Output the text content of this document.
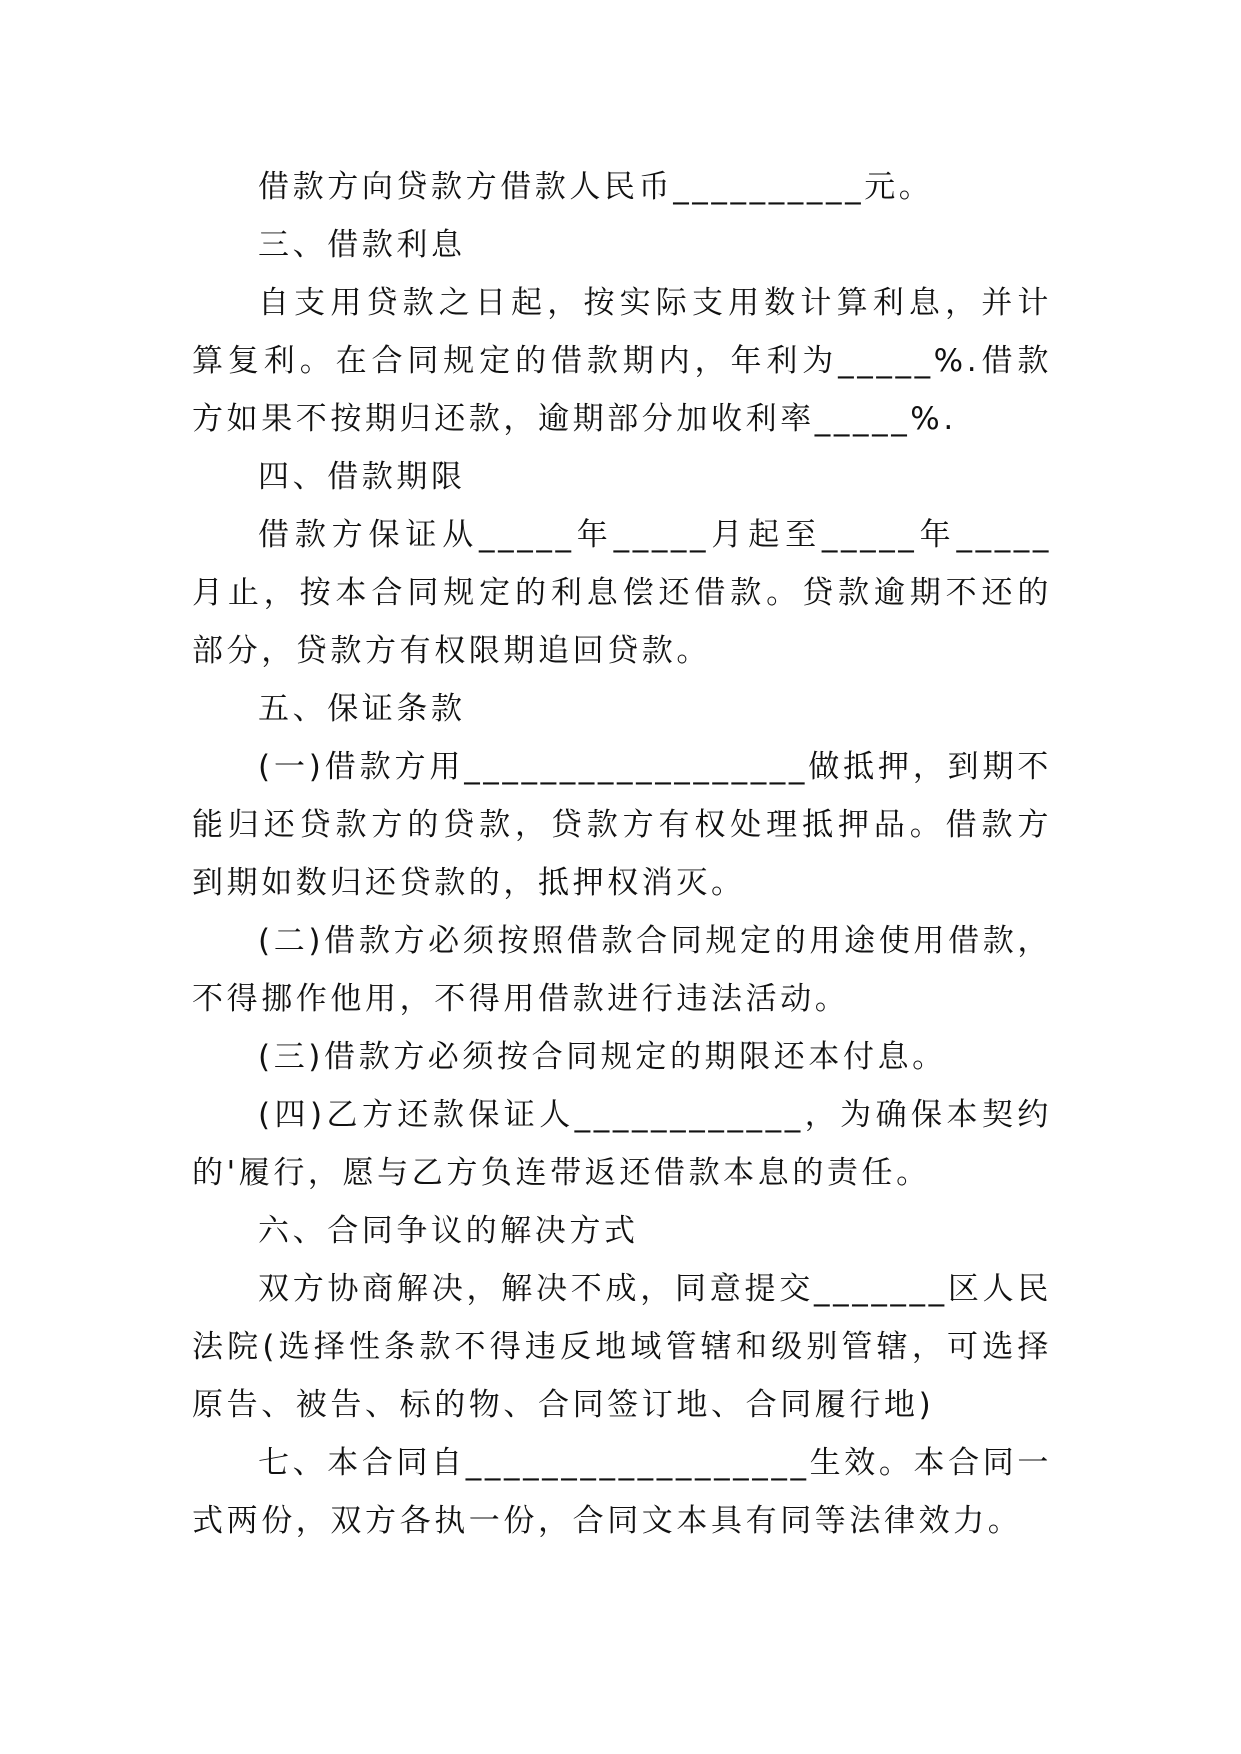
借款方向贷款方借款人民币__________元。

三、借款利息

自支用贷款之日起，按实际支用数计算利息，并计算复利。在合同规定的借款期内，年利为_____%.借款方如果不按期归还款，逾期部分加收利率_____%.

四、借款期限

借款方保证从_____年_____月起至_____年_____月止，按本合同规定的利息偿还借款。贷款逾期不还的部分，贷款方有权限期追回贷款。

五、保证条款

(一)借款方用__________________做抵押，到期不能归还贷款方的贷款，贷款方有权处理抵押品。借款方到期如数归还贷款的，抵押权消灭。

(二)借款方必须按照借款合同规定的用途使用借款，不得挪作他用，不得用借款进行违法活动。

(三)借款方必须按合同规定的期限还本付息。

(四)乙方还款保证人____________，为确保本契约的'履行，愿与乙方负连带返还借款本息的责任。

六、合同争议的解决方式

双方协商解决，解决不成，同意提交_______区人民法院(选择性条款不得违反地域管辖和级别管辖，可选择原告、被告、标的物、合同签订地、合同履行地)

七、本合同自__________________生效。本合同一式两份，双方各执一份，合同文本具有同等法律效力。
